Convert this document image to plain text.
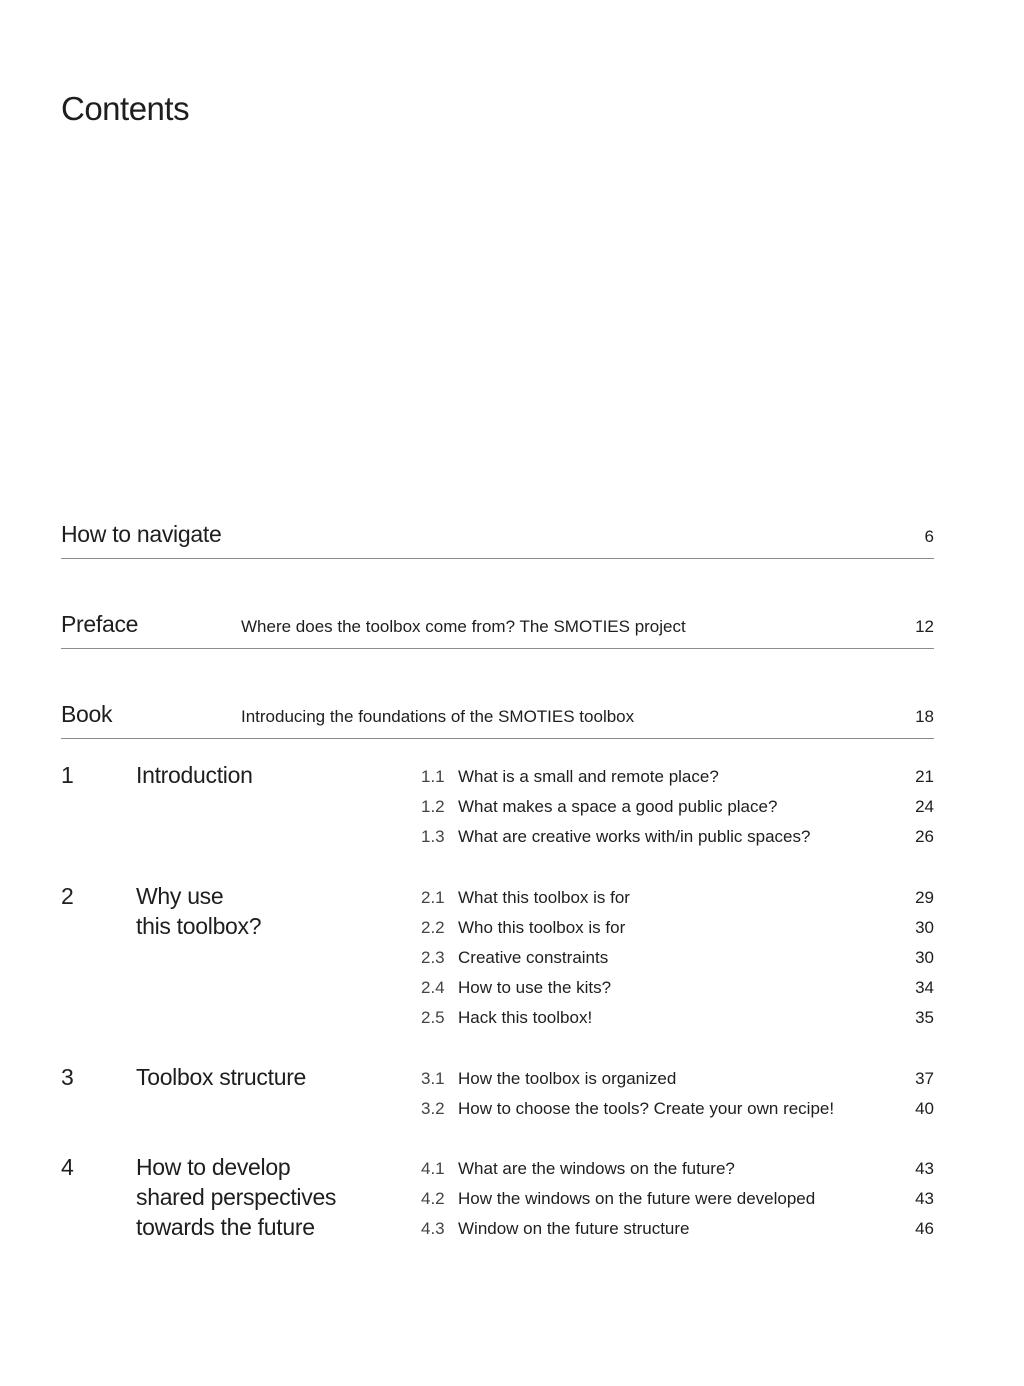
Contents
How to navigate	6
Preface	Where does the toolbox come from? The SMOTIES project	12
Book	Introducing the foundations of the SMOTIES toolbox	18
1	Introduction	1.1 What is a small and remote place?	21
1.2 What makes a space a good public place?	24
1.3 What are creative works with/in public spaces?	26
2	Why use
this toolbox?
2.1 What this toolbox is for	29
2.2 Who this toolbox is for	30
2.3 Creative constraints	30
2.4 How to use the kits?	34
2.5 Hack this toolbox!	35
3	Toolbox structure	3.1 How the toolbox is organized	37
3.2 How to choose the tools? Create your own recipe!	40
4	How to develop
shared perspectives
towards the future
4.1 What are the windows on the future?	43
4.2 How the windows on the future were developed	43
4.3 Window on the future structure	46
